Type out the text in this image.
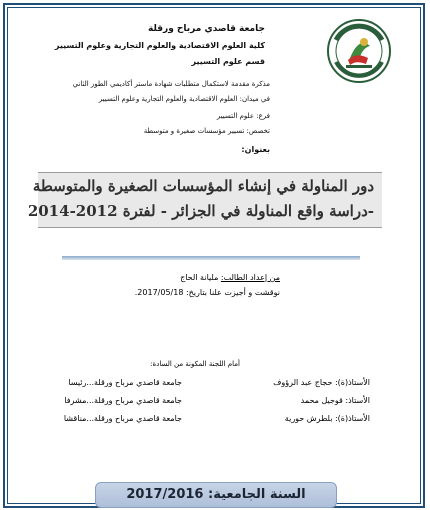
جامعة قاصدي مرباح ورقلة
كلية العلوم الاقتصادية والعلوم التجارية وعلوم التسيير
قسم علوم التسيير
مذكرة مقدمة لاستكمال متطلبات شهادة ماستر أكاديمي الطور الثاني
في ميدان: العلوم الاقتصادية والعلوم التجارية وعلوم التسيير
فرع: علوم التسيير
تخصص: تسيير مؤسسات صغيرة و متوسطة
بعنوان:
دور المناولة في إنشاء المؤسسات الصغيرة والمتوسطة
-دراسة واقع المناولة في الجزائر - لفترة 2012-2014
من إعداد الطالب: مليانة الحاج
نوقشت و أجيزت علنا بتاريخ: 2017/05/18.
أمام اللجنة المكونة من السادة:
الأستاذ(ة): حجاج عبد الرؤوف
جامعة قاصدي مرباح ورقلة...رئيسا
الأستاذ: قوجيل محمد
جامعة قاصدي مرباح ورقلة...مشرفا
الأستاذ(ة): بلطرش حورية
جامعة قاصدي مرباح ورقلة...مناقشا
السنة الجامعية: 2017/2016
